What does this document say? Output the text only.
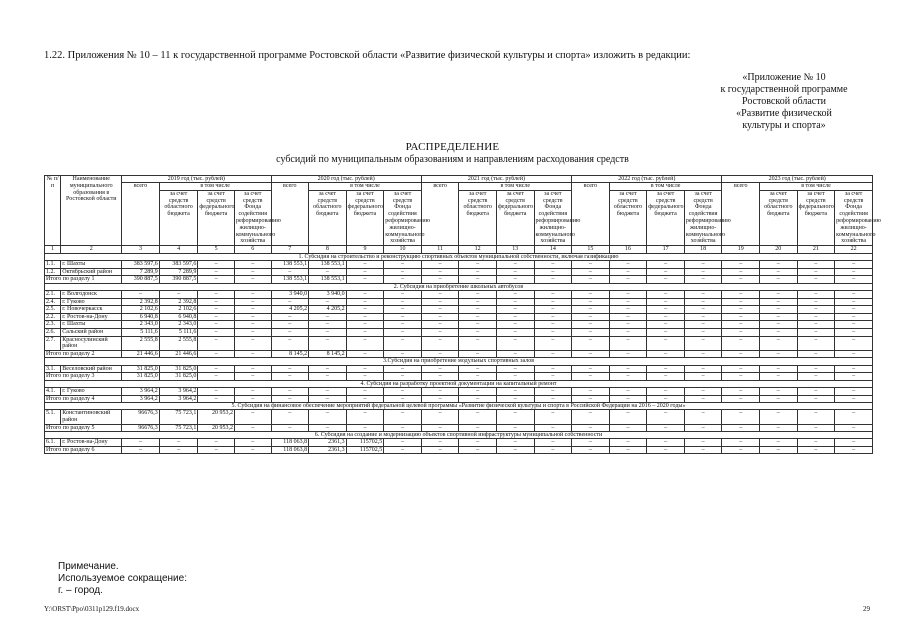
1.22. Приложения № 10 – 11 к государственной программе Ростовской области «Развитие физической культуры и спорта» изложить в редакции:
«Приложение № 10
к государственной программе
Ростовской области
«Развитие физической
культуры и спорта»
РАСПРЕДЕЛЕНИЕ
субсидий по муниципальным образованиям и направлениям расходования средств
№ п/п	Наименование муниципального образования в Ростовской области	2019 год (тыс. рублей)				2020 год (тыс. рублей)				2021 год (тыс. рублей)				2022 год (тыс. рублей)				2023 год (тыс. рублей)			
		всего	в том числе			всего	в том числе			всего	в том числе			всего	в том числе			всего	в том числе		
			за счет средств областного бюджета	за счет средств федерального бюджета	за счет средств Фонда содействия реформированию жилищно-коммунального хозяйства		за счет средств областного бюджета	за счет средств федерального бюджета	за счет средств Фонда содействия реформированию жилищно-коммунального хозяйства		за счет средств областного бюджета	за счет средств федерального бюджета	за счет средств Фонда содействия реформированию жилищно-коммунального хозяйства		за счет средств областного бюджета	за счет средств федерального бюджета	за счет средств Фонда содействия реформированию жилищно-коммунального хозяйства		за счет средств областного бюджета	за счет средств федерального бюджета	за счет средств Фонда содействия реформированию жилищно-коммунального хозяйства
1	2	3	4	5	6	7	8	9	10	11	12	13	14	15	16	17	18	19	20	21	22
1. Субсидия на строительство и реконструкцию спортивных объектов муниципальной собственности, включая газификацию																					
1.1.	г. Шахты	383 597,6	383 597,6	–	–	138 553,1	138 553,1	–	–	–	–	–	–	–	–	–	–	–	–	–	–
1.2.	Октябрьский район	7 289,9	7 289,9	–	–	–	–	–	–	–	–	–	–	–	–	–	–	–	–	–	–
Итого по разделу 1		390 887,5	390 887,5	–	–	138 553,1	138 553,1	–	–	–	–	–	–	–	–	–	–	–	–	–	–
2. Субсидия на приобретение школьных автобусов																					
2.1.	г. Волгодонск	–	–	–	–	3 940,0	3 940,0	–	–	–	–	–	–	–	–	–	–	–	–	–	–
2.4.	г. Гуково	2 392,8	2 392,8	–	–	–	–	–	–	–	–	–	–	–	–	–	–	–	–	–	–
2.5.	г. Новочеркасск	2 102,6	2 102,6	–	–	4 205,2	4 205,2	–	–	–	–	–	–	–	–	–	–	–	–	–	–
2.2.	г. Ростов-на-Дону	6 940,8	6 940,8	–	–	–	–	–	–	–	–	–	–	–	–	–	–	–	–	–	–
2.3.	г. Шахты	2 343,0	2 343,0	–	–	–	–	–	–	–	–	–	–	–	–	–	–	–	–	–	–
2.6.	Сальский район	5 111,6	5 111,6	–	–	–	–	–	–	–	–	–	–	–	–	–	–	–	–	–	–
2.7.	Красносулинский район	2 555,8	2 555,8	–	–	–	–	–	–	–	–	–	–	–	–	–	–	–	–	–	–
Итого по разделу 2		21 446,6	21 446,6	–	–	8 145,2	8 145,2	–	–	–	–	–	–	–	–	–	–	–	–	–	–
3.Субсидия на приобретение модульных спортивных залов																					
3.1.	Веселовский район	31 825,0	31 825,0	–	–	–	–	–	–	–	–	–	–	–	–	–	–	–	–	–	–
Итого по разделу 3		31 825,0	31 825,0	–	–	–	–	–	–	–	–	–	–	–	–	–	–	–	–	–	–
4. Субсидия на разработку проектной документации на капитальный ремонт																					
4.1.	г. Гуково	3 964,2	3 964,2	–	–	–	–	–	–	–	–	–	–	–	–	–	–	–	–	–	–
Итого по разделу 4		3 964,2	3 964,2	–	–	–	–	–	–	–	–	–	–	–	–	–	–	–	–	–	–
5. Субсидия на финансовое обеспечение мероприятий федеральной целевой программы «Развитие физической культуры и спорта в Российской Федерации на 2016 – 2020 годы»																					
5.1.	Константиновский район	96676,3	75 723,1	20 953,2	–	–	–	–	–	–	–	–	–	–	–	–	–	–	–	–	–
Итого по разделу 5		96676,3	75 723,1	20 953,2	–	–	–	–	–	–	–	–	–	–	–	–	–	–	–	–	–
6. Субсидия на создание и модернизацию объектов спортивной инфраструктуры муниципальной собственности																					
6.1.	г. Ростов-на-Дону	–	–	–	–	118 063,8	2361,3	115702,5	–	–	–	–	–	–	–	–	–	–	–	–	–
Итого по разделу 6		–	–	–	–	118 063,8	2361,3	115702,5	–	–	–	–	–	–	–	–	–	–	–	–	–
Примечание.
Используемое сокращение:
г. – город.
Y:\ORST\Ppo\0311p129.f19.docx	29
